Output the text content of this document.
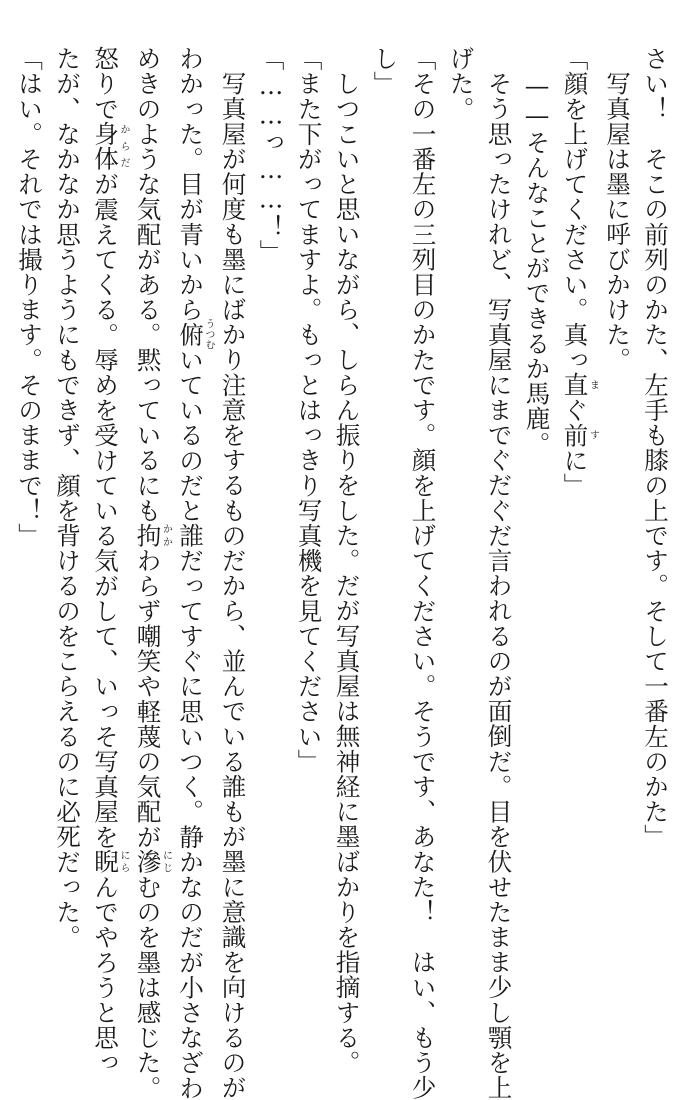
さい！　そこの前列のかた、左手も膝の上です。そして一番左のかた」
写真屋は墨に呼びかけた。
「顔を上げてください。真っ直まぐ前すに」
——そんなことができるか馬鹿。
そう思ったけれど、写真屋にまでぐだぐだ言われるのが面倒だ。目を伏せたまま少し顎を上
げた。
「その一番左の三列目のかたです。顔を上げてください。そうです、あなた！　はい、もう少
し」
しつこいと思いながら、しらん振りをした。だが写真屋は無神経に墨ばかりを指摘する。
「また下がってますよ。もっとはっきり写真機を見てください」
「……っ……！」
写真屋が何度も墨にばかり注意をするものだから、並んでいる誰もが墨に意識を向けるのが
わかった。目が青いから俯うつむいているのだと誰だってすぐに思いつく。静かなのだが小さなざわ
めきのような気配がある。黙っているにも拘かかわらず嘲笑や軽蔑の気配が滲にじむのを墨は感じた。
怒りで身体からだが震えてくる。辱めを受けている気がして、いっそ写真屋を睨にらんでやろうと思っ
たが、なかなか思うようにもできず、顔を背けるのをこらえるのに必死だった。
「はい。それでは撮ります。そのままで！」
